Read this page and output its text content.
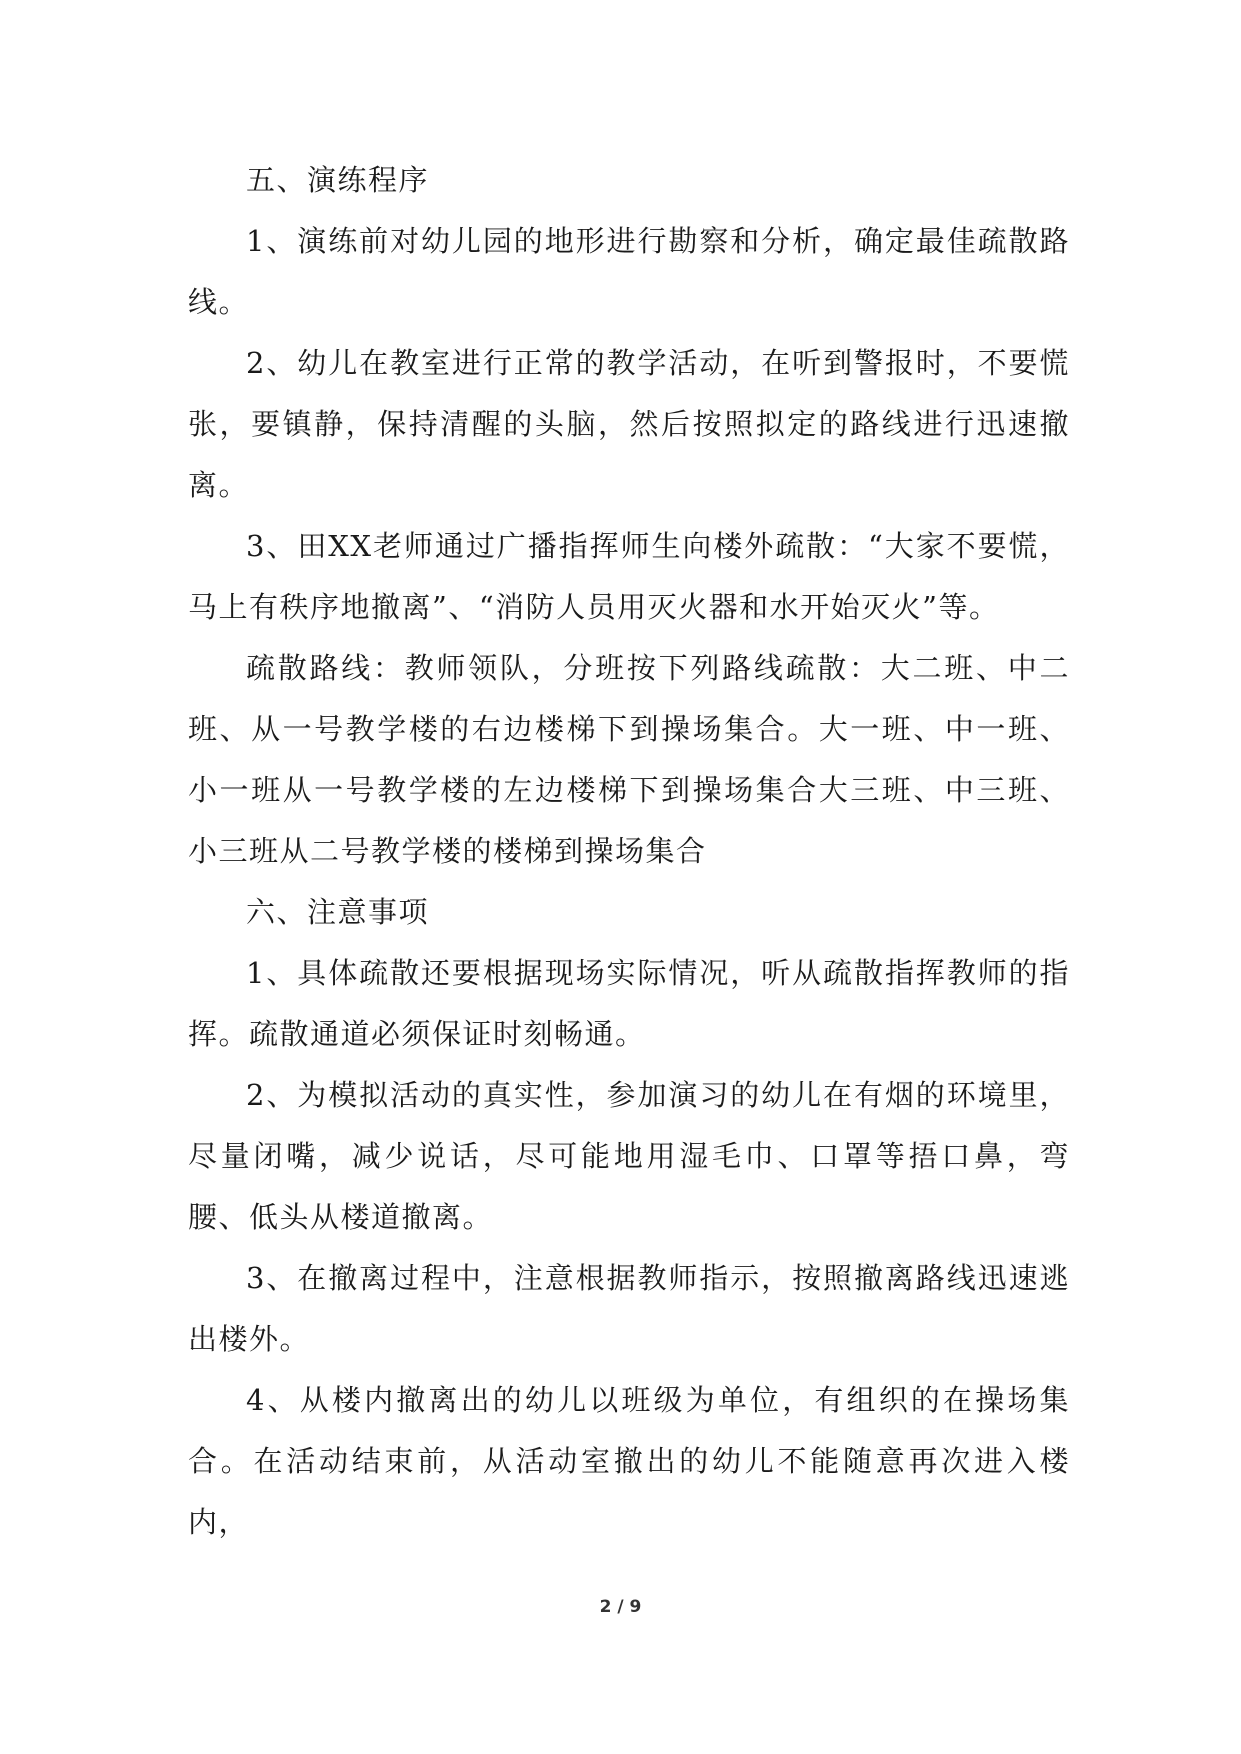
五、演练程序

1、演练前对幼儿园的地形进行勘察和分析，确定最佳疏散路线。

2、幼儿在教室进行正常的教学活动，在听到警报时，不要慌张，要镇静，保持清醒的头脑，然后按照拟定的路线进行迅速撤离。

3、田XX老师通过广播指挥师生向楼外疏散：“大家不要慌，马上有秩序地撤离”、“消防人员用灭火器和水开始灭火”等。

疏散路线：教师领队，分班按下列路线疏散：大二班、中二班、从一号教学楼的右边楼梯下到操场集合。大一班、中一班、小一班从一号教学楼的左边楼梯下到操场集合大三班、中三班、小三班从二号教学楼的楼梯到操场集合

六、注意事项

1、具体疏散还要根据现场实际情况，听从疏散指挥教师的指挥。疏散通道必须保证时刻畅通。

2、为模拟活动的真实性，参加演习的幼儿在有烟的环境里，尽量闭嘴，减少说话，尽可能地用湿毛巾、口罩等捂口鼻，弯腰、低头从楼道撤离。

3、在撤离过程中，注意根据教师指示，按照撤离路线迅速逃出楼外。

4、从楼内撤离出的幼儿以班级为单位，有组织的在操场集合。在活动结束前，从活动室撤出的幼儿不能随意再次进入楼内，

2 / 9
